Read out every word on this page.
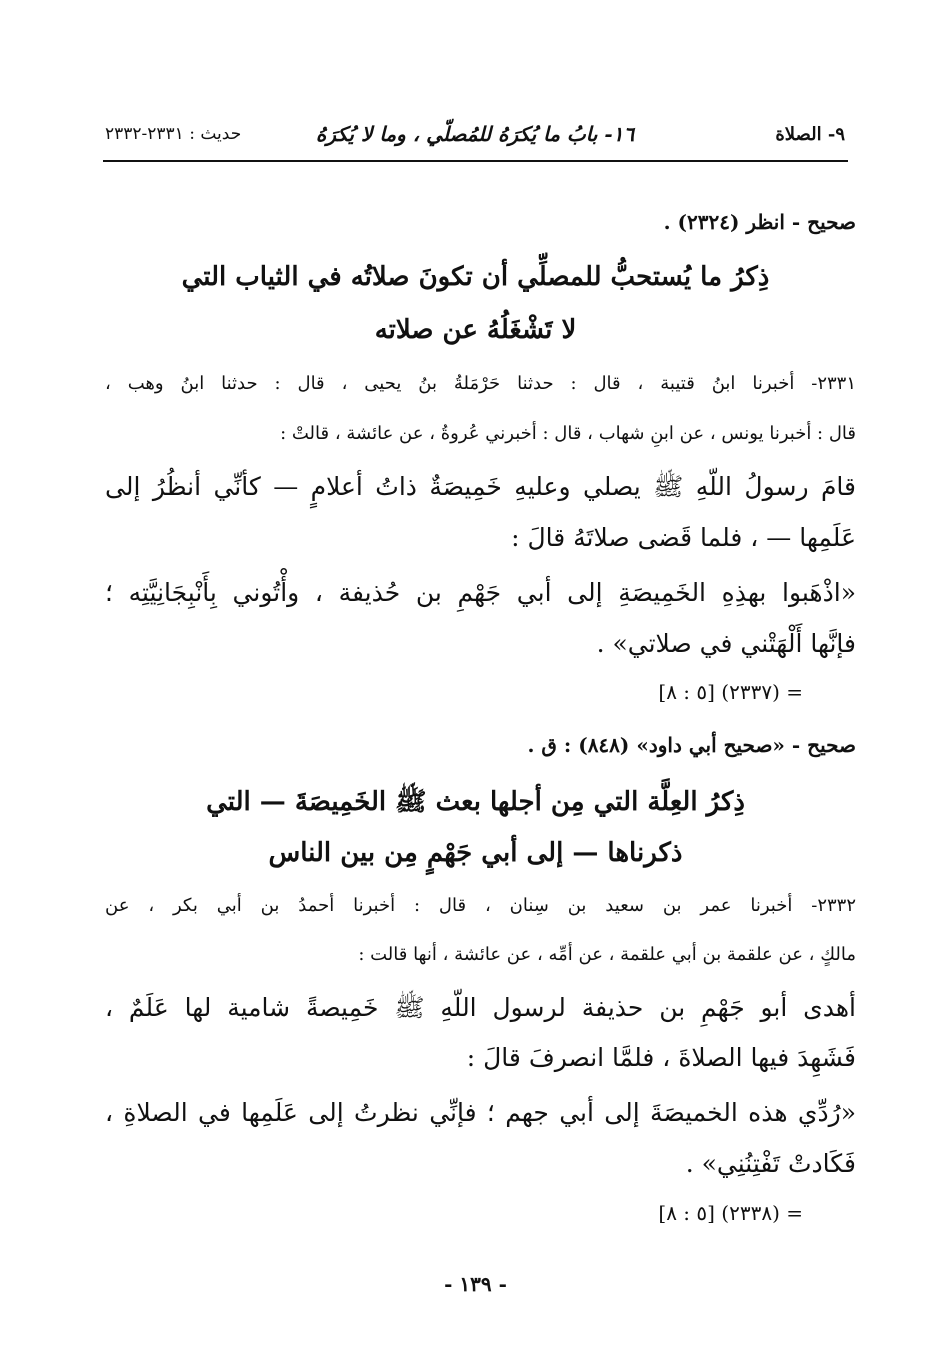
٩- الصلاة
١٦- بابُ ما يُكرَهُ للمُصلّي ، وما لا يُكرَهُ
حديث : ٢٣٣١-٢٣٣٢
صحيح - انظر (٢٣٢٤) .
ذِكرُ ما يُستحبُّ للمصلِّي أن تكونَ صلاتُه في الثياب التي
لا تَشْغَلُهُ عن صلاته
٢٣٣١- أخبرنا ابنُ قتيبة ، قال : حدثنا حَرْمَلةُ بنُ يحيى ، قال : حدثنا ابنُ وهب ،
قال : أخبرنا يونس ، عن ابنِ شهاب ، قال : أخبرني عُروةُ ، عن عائشة ، قالتْ :
قامَ رسولُ اللّهِ ﷺ يصلي وعليهِ خَمِيصَةٌ ذاتُ أعلامٍ — كأنِّي أنظُرُ إلى
عَلَمِها — ، فلما قَضى صلاتَهُ قالَ :
«اذْهَبوا بهذِهِ الخَمِيصَةِ إلى أبي جَهْمِ بن حُذيفة ، وأْتُوني بِأَنْبِجَانِيَّتِه ؛
فإنَّها أَلْهَتْني في صلاتي» .
= (٢٣٣٧) [٥ : ٨]
صحيح - «صحيح أبي داود» (٨٤٨) : ق .
ذِكرُ العِلَّة التي مِن أجلها بعث ﷺ الخَمِيصَةَ — التي
ذكرناها — إلى أبي جَهْمٍ مِن بين الناس
٢٣٣٢- أخبرنا عمر بن سعيد بن سِنان ، قال : أخبرنا أحمدُ بن أبي بكر ، عن
مالكٍ ، عن علقمة بن أبي علقمة ، عن أمِّه ، عن عائشة ، أنها قالت :
أهدى أبو جَهْمِ بن حذيفة لرسول اللّهِ ﷺ خَمِيصةً شامية لها عَلَمٌ ،
فَشَهِدَ فيها الصلاةَ ، فلمَّا انصرفَ قالَ :
«رُدِّي هذه الخميصَةَ إلى أبي جهم ؛ فإنِّي نظرتُ إلى عَلَمِها في الصلاةِ ،
فَكَادتْ تَفْتِنُنِي» .
= (٢٣٣٨) [٥ : ٨]
- ١٣٩ -
